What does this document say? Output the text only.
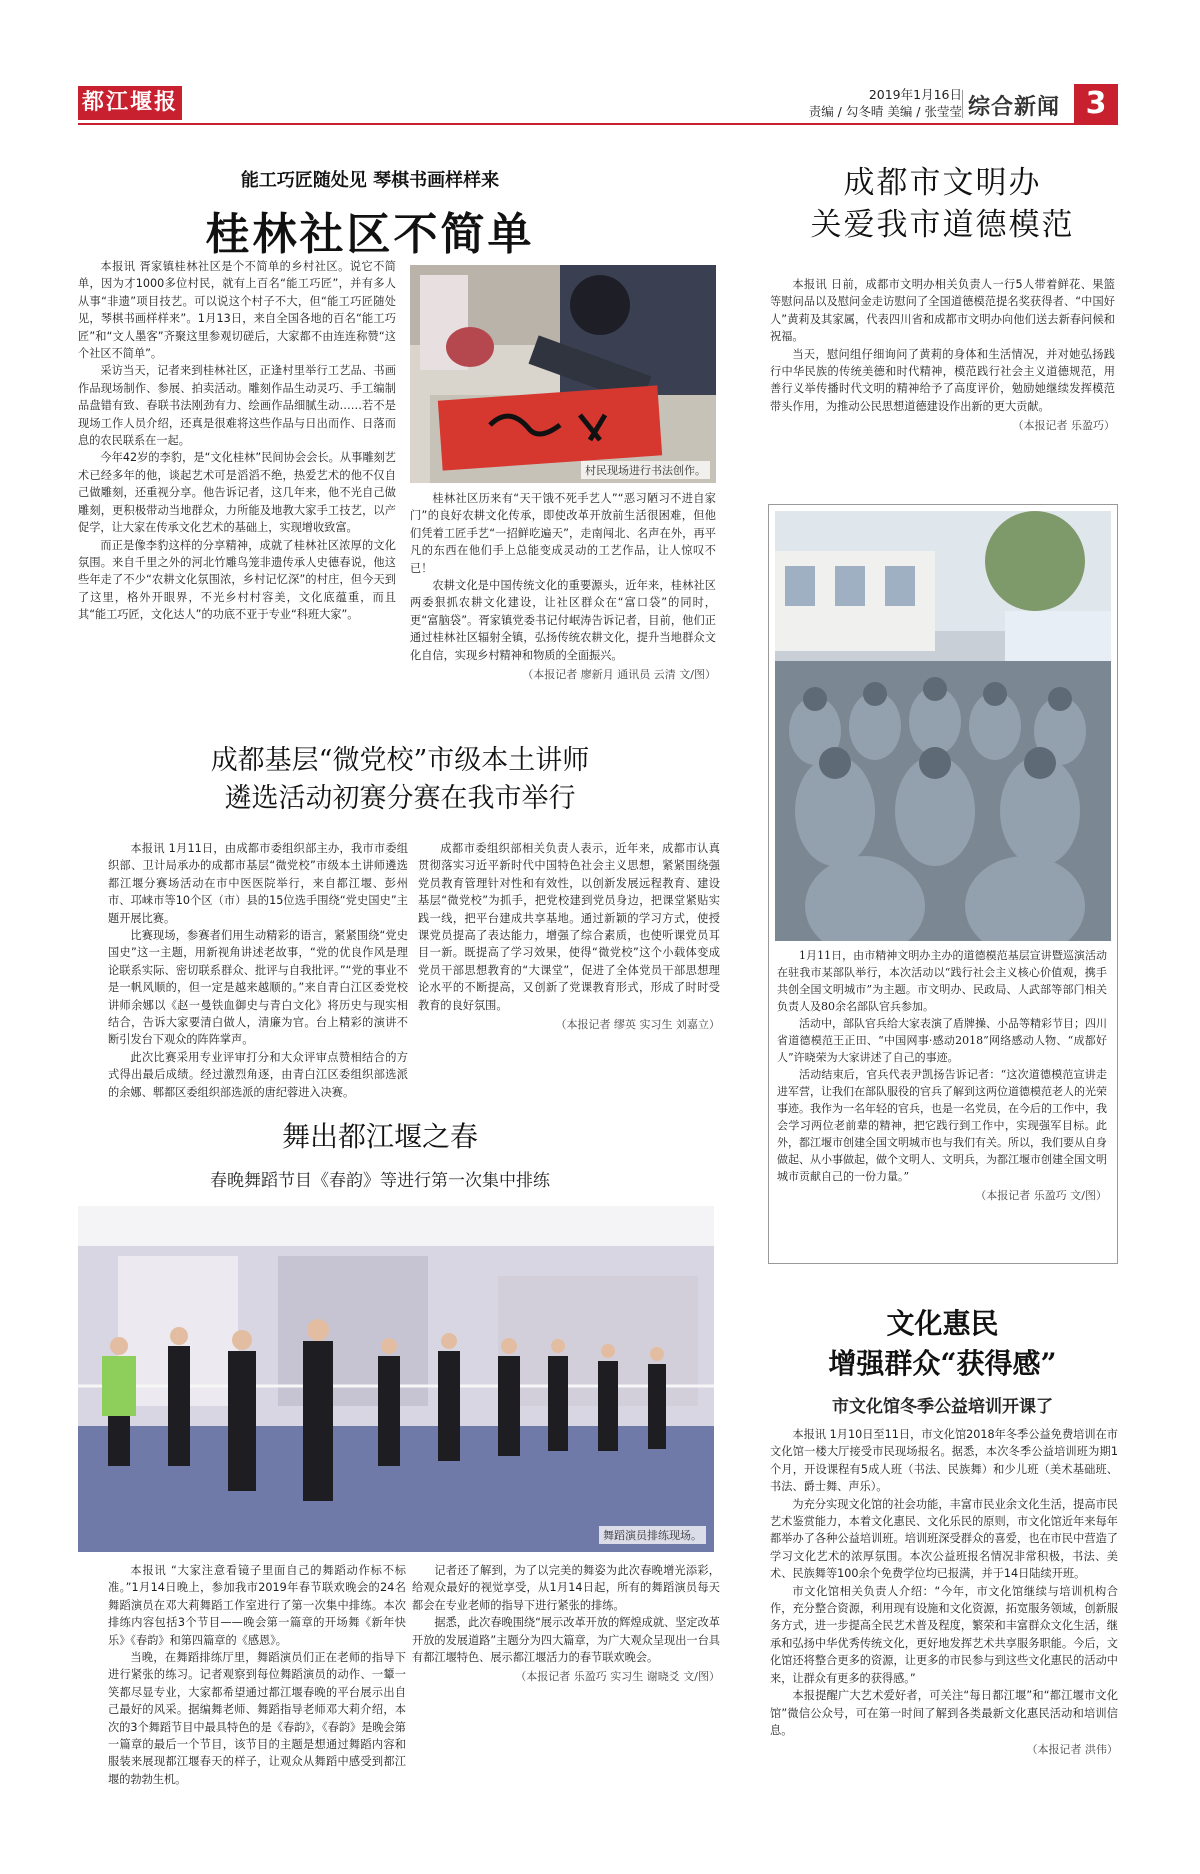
都江堰报	2019年1月16日
责编 / 勾冬晴 美编 / 张莹莹 综合新闻 3
能工巧匠随处见 琴棋书画样样来
桂林社区不简单

本报讯 胥家镇桂林社区是个不简单的乡村社区。说它不简单，因为才1000多位村民，就有上百名“能工巧匠”，并有多人从事“非遗”项目技艺。可以说这个村子不大，但“能工巧匠随处见，琴棋书画样样来”。1月13日，来自全国各地的百名“能工巧匠”和“文人墨客”齐聚这里参观切磋后，大家都不由连连称赞“这个社区不简单”。

采访当天，记者来到桂林社区，正逢村里举行工艺品、书画作品现场制作、参展、拍卖活动。雕刻作品生动灵巧、手工编制品盘错有致、春联书法刚劲有力、绘画作品细腻生动……若不是现场工作人员介绍，还真是很难将这些作品与日出而作、日落而息的农民联系在一起。

今年42岁的李豹，是“文化桂林”民间协会会长。从事雕刻艺术已经多年的他，谈起艺术可是滔滔不绝，热爱艺术的他不仅自己做雕刻，还重视分享。他告诉记者，这几年来，他不光自己做雕刻，更积极带动当地群众，力所能及地教大家手工技艺，以产促学，让大家在传承文化艺术的基础上，实现增收致富。

而正是像李豹这样的分享精神，成就了桂林社区浓厚的文化氛围。来自千里之外的河北竹雕鸟笼非遗传承人史德春说，他这些年走了不少“农耕文化氛围浓，乡村记忆深”的村庄，但今天到了这里，格外开眼界，不光乡村村容美，文化底蕴重，而且其“能工巧匠，文化达人”的功底不亚于专业“科班大家”。

村民现场进行书法创作。

桂林社区历来有“天干饿不死手艺人”“恶习陋习不进自家门”的良好农耕文化传承，即使改革开放前生活很困难，但他们凭着工匠手艺“一招鲜吃遍天”，走南闯北、名声在外，再平凡的东西在他们手上总能变成灵动的工艺作品，让人惊叹不已！

农耕文化是中国传统文化的重要源头，近年来，桂林社区两委狠抓农耕文化建设，让社区群众在“富口袋”的同时，更“富脑袋”。胥家镇党委书记付岷涛告诉记者，目前，他们正通过桂林社区辐射全镇，弘扬传统农耕文化，提升当地群众文化自信，实现乡村精神和物质的全面振兴。

（本报记者 廖新月 通讯员 云清 文/图）
成都市文明办
关爱我市道德模范

本报讯 日前，成都市文明办相关负责人一行5人带着鲜花、果篮等慰问品以及慰问金走访慰问了全国道德模范提名奖获得者、“中国好人”黄莉及其家属，代表四川省和成都市文明办向他们送去新春问候和祝福。

当天，慰问组仔细询问了黄莉的身体和生活情况，并对她弘扬践行中华民族的传统美德和时代精神，模范践行社会主义道德规范，用善行义举传播时代文明的精神给予了高度评价，勉励她继续发挥模范带头作用，为推动公民思想道德建设作出新的更大贡献。

（本报记者 乐盈巧）
成都基层“微党校”市级本土讲师
遴选活动初赛分赛在我市举行

本报讯 1月11日，由成都市委组织部主办，我市市委组织部、卫计局承办的成都市基层“微党校”市级本土讲师遴选都江堰分赛场活动在市中医医院举行，来自都江堰、彭州市、邛崃市等10个区（市）县的15位选手围绕“党史国史”主题开展比赛。

比赛现场，参赛者们用生动精彩的语言，紧紧围绕“党史国史”这一主题，用新视角讲述老故事，“党的优良作风是理论联系实际、密切联系群众、批评与自我批评。”“党的事业不是一帆风顺的，但一定是越来越顺的。”来自青白江区委党校讲师余娜以《赵一曼铁血御史与青白文化》将历史与现实相结合，告诉大家要清白做人，清廉为官。台上精彩的演讲不断引发台下观众的阵阵掌声。

此次比赛采用专业评审打分和大众评审点赞相结合的方式得出最后成绩。经过激烈角逐，由青白江区委组织部选派的余娜、郫都区委组织部选派的唐纪蓉进入决赛。

成都市委组织部相关负责人表示，近年来，成都市认真贯彻落实习近平新时代中国特色社会主义思想，紧紧围绕强党员教育管理针对性和有效性，以创新发展远程教育、建设基层“微党校”为抓手，把党校建到党员身边，把课堂紧贴实践一线，把平台建成共享基地。通过新颖的学习方式，使授课党员提高了表达能力，增强了综合素质，也使听课党员耳目一新。既提高了学习效果，使得“微党校”这个小载体变成党员干部思想教育的“大课堂”，促进了全体党员干部思想理论水平的不断提高，又创新了党课教育形式，形成了时时受教育的良好氛围。

（本报记者 缪英 实习生 刘嘉立）

1月11日，由市精神文明办主办的道德模范基层宣讲暨巡演活动在驻我市某部队举行，本次活动以“践行社会主义核心价值观，携手共创全国文明城市”为主题。市文明办、民政局、人武部等部门相关负责人及80余名部队官兵参加。

活动中，部队官兵给大家表演了盾牌操、小品等精彩节目；四川省道德模范王正田、“中国网事·感动2018”网络感动人物、“成都好人”许晓荣为大家讲述了自己的事迹。

活动结束后，官兵代表尹凯扬告诉记者：“这次道德模范宣讲走进军营，让我们在部队服役的官兵了解到这两位道德模范老人的光荣事迹。我作为一名年轻的官兵，也是一名党员，在今后的工作中，我会学习两位老前辈的精神，把它践行到工作中，实现强军目标。此外，都江堰市创建全国文明城市也与我们有关。所以，我们要从自身做起、从小事做起，做个文明人、文明兵，为都江堰市创建全国文明城市贡献自己的一份力量。”

（本报记者 乐盈巧 文/图）
舞出都江堰之春
春晚舞蹈节目《春韵》等进行第一次集中排练
舞蹈演员排练现场。

本报讯 “大家注意看镜子里面自己的舞蹈动作标不标准。”1月14日晚上，参加我市2019年春节联欢晚会的24名舞蹈演员在邓大莉舞蹈工作室进行了第一次集中排练。本次排练内容包括3个节目——晚会第一篇章的开场舞《新年快乐》《春韵》和第四篇章的《感恩》。

当晚，在舞蹈排练厅里，舞蹈演员们正在老师的指导下进行紧张的练习。记者观察到每位舞蹈演员的动作、一颦一笑都尽显专业，大家都希望通过都江堰春晚的平台展示出自己最好的风采。据编舞老师、舞蹈指导老师邓大莉介绍，本次的3个舞蹈节目中最具特色的是《春韵》，《春韵》是晚会第一篇章的最后一个节目，该节目的主题是想通过舞蹈内容和服装来展现都江堰春天的样子，让观众从舞蹈中感受到都江堰的勃勃生机。

记者还了解到，为了以完美的舞姿为此次春晚增光添彩，给观众最好的视觉享受，从1月14日起，所有的舞蹈演员每天都会在专业老师的指导下进行紧张的排练。

据悉，此次春晚围绕“展示改革开放的辉煌成就、坚定改革开放的发展道路”主题分为四大篇章，为广大观众呈现出一台具有都江堰特色、展示都江堰活力的春节联欢晚会。

（本报记者 乐盈巧 实习生 谢晓爻 文/图）
文化惠民
增强群众“获得感”
市文化馆冬季公益培训开课了

本报讯 1月10日至11日，市文化馆2018年冬季公益免费培训在市文化馆一楼大厅接受市民现场报名。据悉，本次冬季公益培训班为期1个月，开设课程有5成人班（书法、民族舞）和少儿班（美术基础班、书法、爵士舞、声乐）。

为充分实现文化馆的社会功能，丰富市民业余文化生活，提高市民艺术鉴赏能力，本着文化惠民、文化乐民的原则，市文化馆近年来每年都举办了各种公益培训班。培训班深受群众的喜爱，也在市民中营造了学习文化艺术的浓厚氛围。本次公益班报名情况非常积极，书法、美术、民族舞等100余个免费学位均已报满，并于14日陆续开班。

市文化馆相关负责人介绍：“今年，市文化馆继续与培训机构合作，充分整合资源，利用现有设施和文化资源，拓宽服务领域，创新服务方式，进一步提高全民艺术普及程度，繁荣和丰富群众文化生活，继承和弘扬中华优秀传统文化，更好地发挥艺术共享服务职能。今后，文化馆还将整合更多的资源，让更多的市民参与到这些文化惠民的活动中来，让群众有更多的获得感。”

本报提醒广大艺术爱好者，可关注“每日都江堰”和“都江堰市文化馆”微信公众号，可在第一时间了解到各类最新文化惠民活动和培训信息。

（本报记者 洪伟）
